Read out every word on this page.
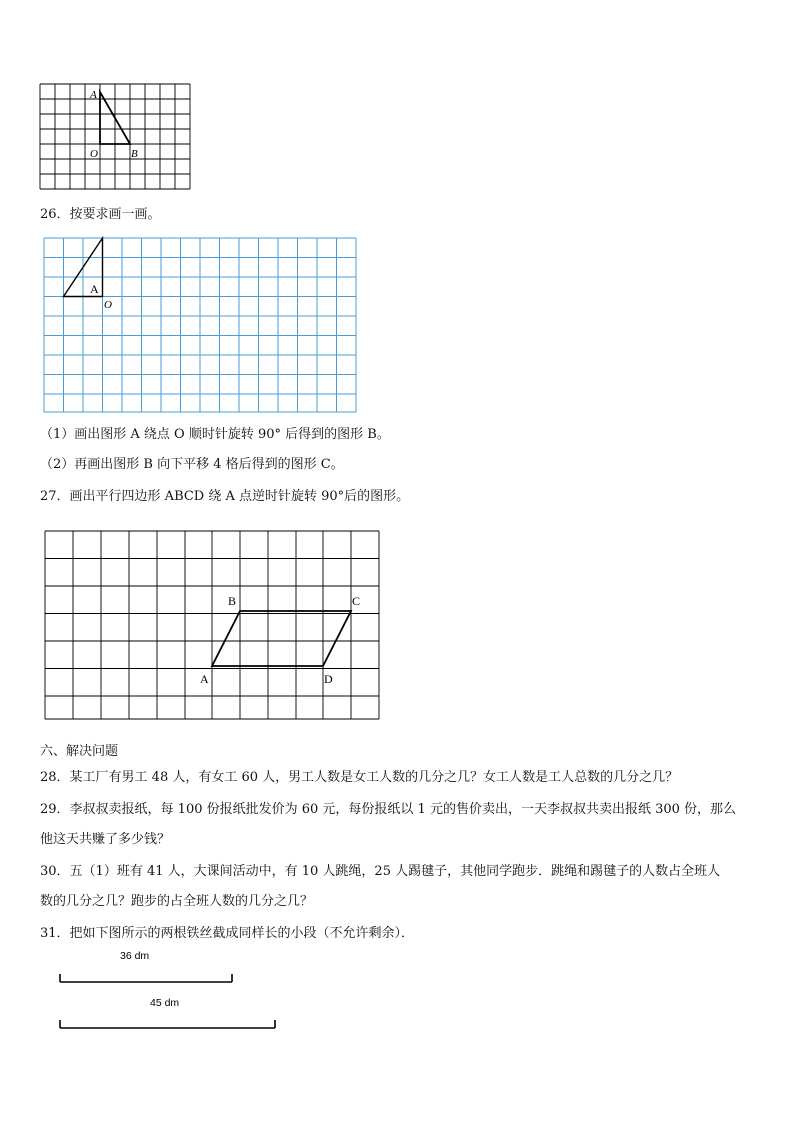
A
O	B
26．按要求画一画。
A
O
（1）画出图形 A 绕点 O 顺时针旋转 90° 后得到的图形 B。
（2）再画出图形 B 向下平移 4 格后得到的图形 C。
27．画出平行四边形 ABCD 绕 A 点逆时针旋转 90°后的图形。
A
B	C
D
六、解决问题
28．某工厂有男工 48 人，有女工 60 人，男工人数是女工人数的几分之几？女工人数是工人总数的几分之几？
29．李叔叔卖报纸，每 100 份报纸批发价为 60 元，每份报纸以 1 元的售价卖出，一天李叔叔共卖出报纸 300 份，那么
他这天共赚了多少钱？
30．五（1）班有 41 人，大课间活动中，有 10 人跳绳，25 人踢毽子，其他同学跑步．跳绳和踢毽子的人数占全班人
数的几分之几？跑步的占全班人数的几分之几？
31．把如下图所示的两根铁丝截成同样长的小段（不允许剩余）．
36 dm
45 dm
